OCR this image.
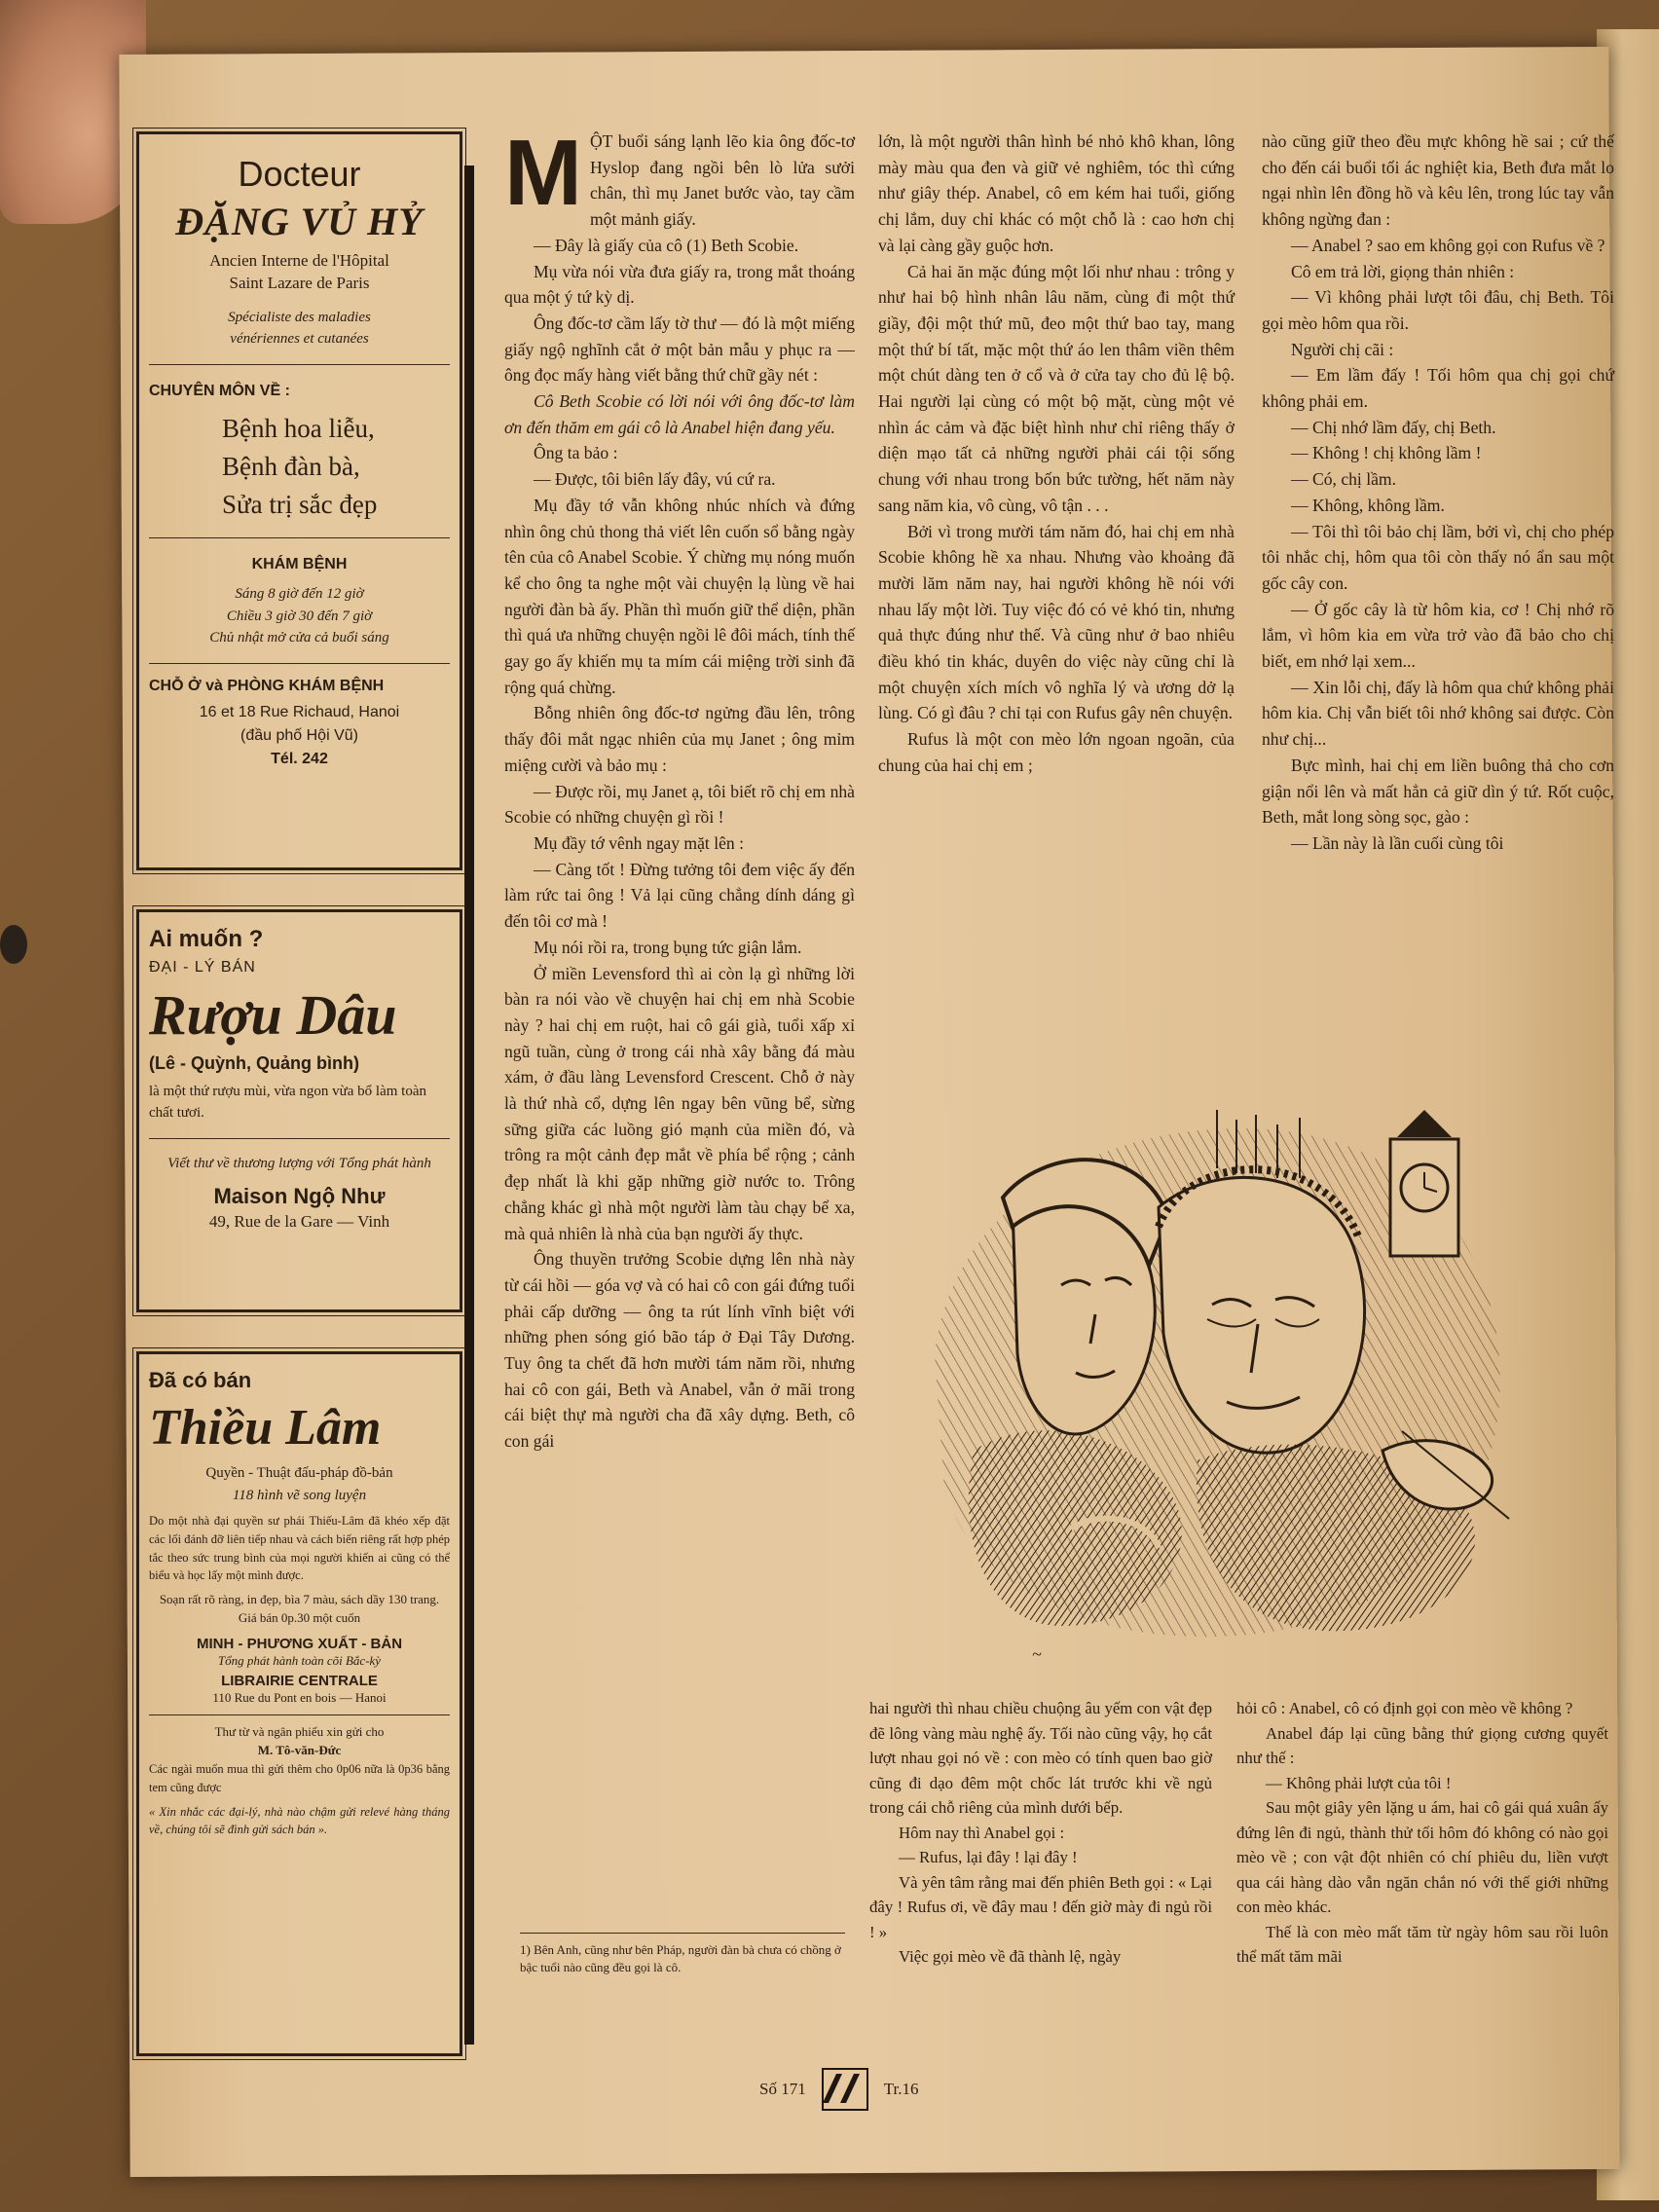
Docteur
ĐẶNG VỦ HỶ
Ancien Interne de l'Hôpital
Saint Lazare de Paris
Spécialiste des maladies
vénériennes et cutanées
CHUYÊN MÔN VỀ :
Bệnh hoa liễu,
Bệnh đàn bà,
Sửa trị sắc đẹp
KHÁM BỆNH
Sáng 8 giờ đến 12 giờ
Chiều 3 giờ 30 đến 7 giờ
Chủ nhật mở cửa cả buổi sáng
CHỖ Ở và PHÒNG KHÁM BỆNH
16 et 18 Rue Richaud, Hanoi
(đầu phố Hội Vũ)
Tél. 242
Ai muốn ?
ĐẠI - LÝ BÁN
Rượu Dâu
(Lê - Quỳnh, Quảng bình)
là một thứ rượu mùi, vừa ngon vừa bổ làm toàn chất tươi.
Viết thư về thương lượng với Tổng phát hành
Maison Ngộ Như
49, Rue de la Gare — Vinh
Đã có bán
Thiều Lâm
Quyền - Thuật đấu-pháp đồ-bản
118 hình vẽ song luyện
Do một nhà đại quyền sư phái Thiếu-Lâm đã khéo xếp đặt các lối đánh đỡ liên tiếp nhau và cách biến riêng rất hợp phép tắc theo sức trung bình của mọi người khiến ai cũng có thể biểu và học lấy một mình được.
Soạn rất rõ ràng, in đẹp, bìa 7 màu, sách dầy 130 trang.
Giá bán 0p.30 một cuốn
MINH - PHƯƠNG XUẤT - BẢN
Tổng phát hành toàn cõi Bắc-kỳ
LIBRAIRIE CENTRALE
110 Rue du Pont en bois — Hanoi
Thư từ và ngân phiếu xin gửi cho
M. Tô-văn-Đức
Các ngài muốn mua thì gửi thêm cho 0p06 nữa là 0p36 bằng tem cũng được
« Xin nhắc các đại-lý, nhà nào chậm gửi relevé hàng tháng về, chúng tôi sẽ đình gửi sách bán ».
M ỘT buổi sáng lạnh lẽo kia ông đốc-tơ Hyslop đang ngồi bên lò lửa sưởi chân, thì mụ Janet bước vào, tay cầm một mảnh giấy.

— Đây là giấy của cô (1) Beth Scobie.

Mụ vừa nói vừa đưa giấy ra, trong mắt thoáng qua một ý tứ kỳ dị.

Ông đốc-tơ cầm lấy tờ thư — đó là một miếng giấy ngộ nghĩnh cắt ở một bản mẫu y phục ra — ông đọc mấy hàng viết bằng thứ chữ gầy nét :

Cô Beth Scobie có lời nói với ông đốc-tơ làm ơn đến thăm em gái cô là Anabel hiện đang yếu.

Ông ta bảo :

— Được, tôi biên lấy đây, vú cứ ra.

Mụ đầy tớ vẫn không nhúc nhích và đứng nhìn ông chủ thong thả viết lên cuốn sổ bằng ngày tên của cô Anabel Scobie. Ý chừng mụ nóng muốn kể cho ông ta nghe một vài chuyện lạ lùng về hai người đàn bà ấy. Phần thì muốn giữ thể diện, phần thì quá ưa những chuyện ngồi lê đôi mách, tính thế gay go ấy khiến mụ ta mím cái miệng trời sinh đã rộng quá chừng.

Bỗng nhiên ông đốc-tơ ngửng đầu lên, trông thấy đôi mắt ngạc nhiên của mụ Janet ; ông mỉm miệng cười và bảo mụ :

— Được rồi, mụ Janet ạ, tôi biết rõ chị em nhà Scobie có những chuyện gì rồi !

Mụ đầy tớ vênh ngay mặt lên :

— Càng tốt ! Đừng tưởng tôi đem việc ấy đến làm rức tai ông ! Vả lại cũng chẳng dính dáng gì đến tôi cơ mà !

Mụ nói rồi ra, trong bụng tức giận lắm.

Ở miền Levensford thì ai còn lạ gì những lời bàn ra nói vào về chuyện hai chị em nhà Scobie này ? hai chị em ruột, hai cô gái già, tuổi xấp xỉ ngũ tuần, cùng ở trong cái nhà xây bằng đá màu xám, ở đầu làng Levensford Crescent. Chỗ ở này là thứ nhà cổ, dựng lên ngay bên vũng bể, sừng sững giữa các luồng gió mạnh của miền đó, và trông ra một cảnh đẹp mắt về phía bể rộng ; cảnh đẹp nhất là khi gặp những giờ nước to. Trông chẳng khác gì nhà một người làm tàu chạy bể xa, mà quả nhiên là nhà của bạn người ấy thực.

Ông thuyền trưởng Scobie dựng lên nhà này từ cái hồi — góa vợ và có hai cô con gái đứng tuổi phải cấp dưỡng — ông ta rút lính vĩnh biệt với những phen sóng gió bão táp ở Đại Tây Dương. Tuy ông ta chết đã hơn mười tám năm rồi, nhưng hai cô con gái, Beth và Anabel, vẫn ở mãi trong cái biệt thự mà người cha đã xây dựng. Beth, cô con gái

lớn, là một người thân hình bé nhỏ khô khan, lông mày màu qua đen và giữ vẻ nghiêm, tóc thì cứng như giây thép. Anabel, cô em kém hai tuổi, giống chị lắm, duy chỉ khác có một chỗ là : cao hơn chị và lại càng gầy guộc hơn.

Cả hai ăn mặc đúng một lối như nhau : trông y như hai bộ hình nhân lâu năm, cùng đi một thứ giầy, đội một thứ mũ, đeo một thứ bao tay, mang một thứ bí tất, mặc một thứ áo len thâm viền thêm một chút dàng ten ở cổ và ở cửa tay cho đủ lệ bộ. Hai người lại cùng có một bộ mặt, cùng một vẻ nhìn ác cảm và đặc biệt hình như chỉ riêng thấy ở diện mạo tất cả những người phải cái tội sống chung với nhau trong bốn bức tường, hết năm này sang năm kia, vô cùng, vô tận . . .

Bởi vì trong mười tám năm đó, hai chị em nhà Scobie không hề xa nhau. Nhưng vào khoảng đã mười lăm năm nay, hai người không hề nói với nhau lấy một lời. Tuy việc đó có vẻ khó tin, nhưng quả thực đúng như thế. Và cũng như ở bao nhiêu điều khó tin khác, duyên do việc này cũng chỉ là một chuyện xích mích vô nghĩa lý và ương dở lạ lùng. Có gì đâu ? chỉ tại con Rufus gây nên chuyện.

Rufus là một con mèo lớn ngoan ngoãn, của chung của hai chị em ;

nào cũng giữ theo đều mực không hề sai ; cứ thế cho đến cái buổi tối ác nghiệt kia, Beth đưa mắt lo ngại nhìn lên đồng hồ và kêu lên, trong lúc tay vẫn không ngừng đan :

— Anabel ? sao em không gọi con Rufus về ?

Cô em trả lời, giọng thản nhiên :

— Vì không phải lượt tôi đâu, chị Beth. Tôi gọi mèo hôm qua rồi.

Người chị cãi :

— Em lầm đấy ! Tối hôm qua chị gọi chứ không phải em.

— Chị nhớ lầm đấy, chị Beth.

— Không ! chị không lầm !

— Có, chị lầm.

— Không, không lầm.

— Tôi thì tôi bảo chị lầm, bởi vì, chị cho phép tôi nhắc chị, hôm qua tôi còn thấy nó ẩn sau một gốc cây con.

— Ở gốc cây là từ hôm kia, cơ ! Chị nhớ rõ lắm, vì hôm kia em vừa trở vào đã bảo cho chị biết, em nhớ lại xem...

— Xin lỗi chị, đấy là hôm qua chứ không phải hôm kia. Chị vẫn biết tôi nhớ không sai được. Còn như chị...

Bực mình, hai chị em liền buông thả cho cơn giận nổi lên và mất hẳn cả giữ dìn ý tứ. Rốt cuộc, Beth, mắt long sòng sọc, gào :

— Lần này là lần cuối cùng tôi

hai người thì nhau chiều chuộng âu yếm con vật đẹp đẽ lông vàng màu nghệ ấy. Tối nào cũng vậy, họ cắt lượt nhau gọi nó về : con mèo có tính quen bao giờ cũng đi dạo đêm một chốc lát trước khi về ngủ trong cái chỗ riêng của mình dưới bếp.

Hôm nay thì Anabel gọi :

— Rufus, lại đây ! lại đây !

Và yên tâm rằng mai đến phiên Beth gọi : « Lại đây ! Rufus ơi, về đây mau ! đến giờ mày đi ngủ rồi ! »

Việc gọi mèo về đã thành lệ, ngày

hỏi cô : Anabel, cô có định gọi con mèo về không ?

Anabel đáp lại cũng bằng thứ giọng cương quyết như thế :

— Không phải lượt của tôi !

Sau một giây yên lặng u ám, hai cô gái quá xuân ấy đứng lên đi ngủ, thành thử tối hôm đó không có nào gọi mèo về ; con vật đột nhiên có chí phiêu du, liền vượt qua cái hàng dào vẫn ngăn chắn nó với thế giới những con mèo khác.

Thế là con mèo mất tăm từ ngày hôm sau rồi luôn thể mất tăm mãi

1) Bên Anh, cũng như bên Pháp, người đàn bà chưa có chồng ở bậc tuổi nào cũng đều gọi là cô.
~
Số 171	Tr.16
